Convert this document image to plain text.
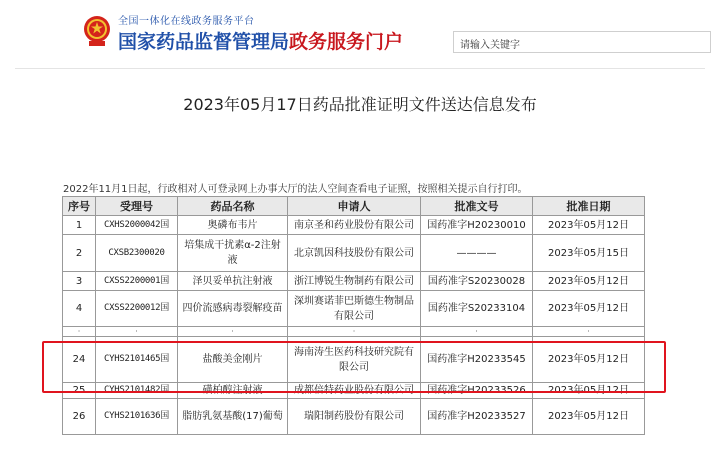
全国一体化在线政务服务平台
国家药品监督管理局政务服务门户	请输入关键字
2023年05月17日药品批准证明文件送达信息发布
2022年11月1日起，行政相对人可登录网上办事大厅的法人空间查看电子证照，按照相关提示自行打印。
序号	受理号	药品名称	申请人	批准文号	批准日期
1	CXHS2000042国	奥磷布韦片	南京圣和药业股份有限公司	国药准字H20230010	2023年05月12日
2	CXSB2300020	培集成干扰素α-2注射液	北京凯因科技股份有限公司	————	2023年05月15日
3	CXSS2200001国	泽贝妥单抗注射液	浙江博锐生物制药有限公司	国药准字S20230028	2023年05月12日
4	CXSS2200012国	四价流感病毒裂解疫苗	深圳赛诺菲巴斯德生物制品有限公司	国药准字S20233104	2023年05月12日
·	·	·	·	·	·
24	CYHS2101465国	盐酸美金刚片	海南涛生医药科技研究院有限公司	国药准字H20233545	2023年05月12日
25	CYHS2101482国	磺柏醇注射液	成都倍特药业股份有限公司	国药准字H20233526	2023年05月12日
26	CYHS2101636国	脂肪乳氨基酸(17)葡萄	瑞阳制药股份有限公司	国药准字H20233527	2023年05月12日
